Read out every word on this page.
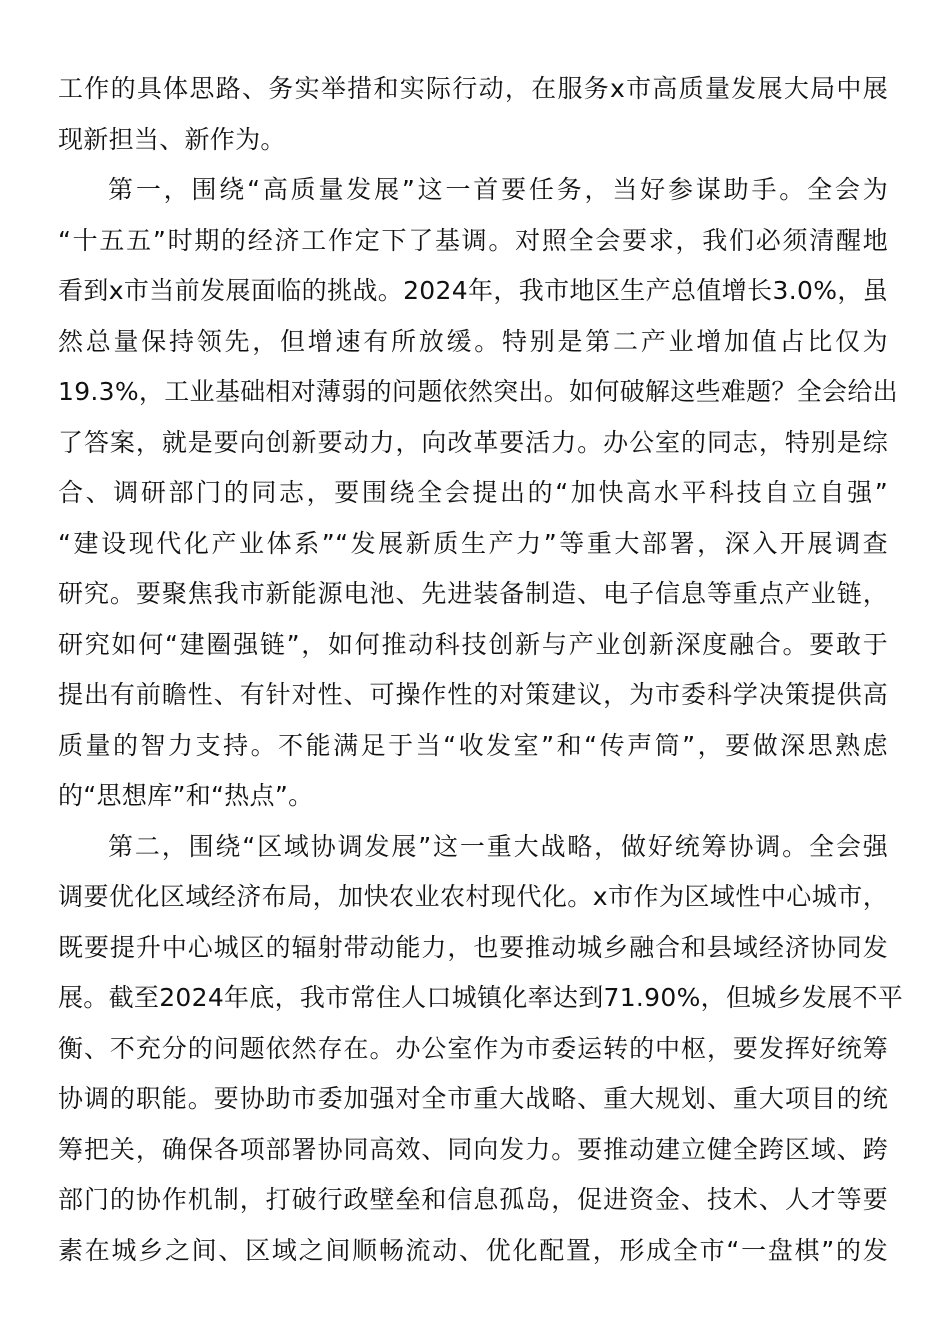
工作的具体思路、务实举措和实际行动，在服务x市高质量发展大局中展
现新担当、新作为。
第一，围绕“高质量发展”这一首要任务，当好参谋助手。全会为
“十五五”时期的经济工作定下了基调。对照全会要求，我们必须清醒地
看到x市当前发展面临的挑战。2024年，我市地区生产总值增长3.0%，虽
然总量保持领先，但增速有所放缓。特别是第二产业增加值占比仅为
19.3%，工业基础相对薄弱的问题依然突出。如何破解这些难题？全会给出
了答案，就是要向创新要动力，向改革要活力。办公室的同志，特别是综
合、调研部门的同志，要围绕全会提出的“加快高水平科技自立自强”
“建设现代化产业体系”“发展新质生产力”等重大部署，深入开展调查
研究。要聚焦我市新能源电池、先进装备制造、电子信息等重点产业链，
研究如何“建圈强链”，如何推动科技创新与产业创新深度融合。要敢于
提出有前瞻性、有针对性、可操作性的对策建议，为市委科学决策提供高
质量的智力支持。不能满足于当“收发室”和“传声筒”，要做深思熟虑
的“思想库”和“热点”。
第二，围绕“区域协调发展”这一重大战略，做好统筹协调。全会强
调要优化区域经济布局，加快农业农村现代化。x市作为区域性中心城市，
既要提升中心城区的辐射带动能力，也要推动城乡融合和县域经济协同发
展。截至2024年底，我市常住人口城镇化率达到71.90%，但城乡发展不平
衡、不充分的问题依然存在。办公室作为市委运转的中枢，要发挥好统筹
协调的职能。要协助市委加强对全市重大战略、重大规划、重大项目的统
筹把关，确保各项部署协同高效、同向发力。要推动建立健全跨区域、跨
部门的协作机制，打破行政壁垒和信息孤岛，促进资金、技术、人才等要
素在城乡之间、区域之间顺畅流动、优化配置，形成全市“一盘棋”的发
